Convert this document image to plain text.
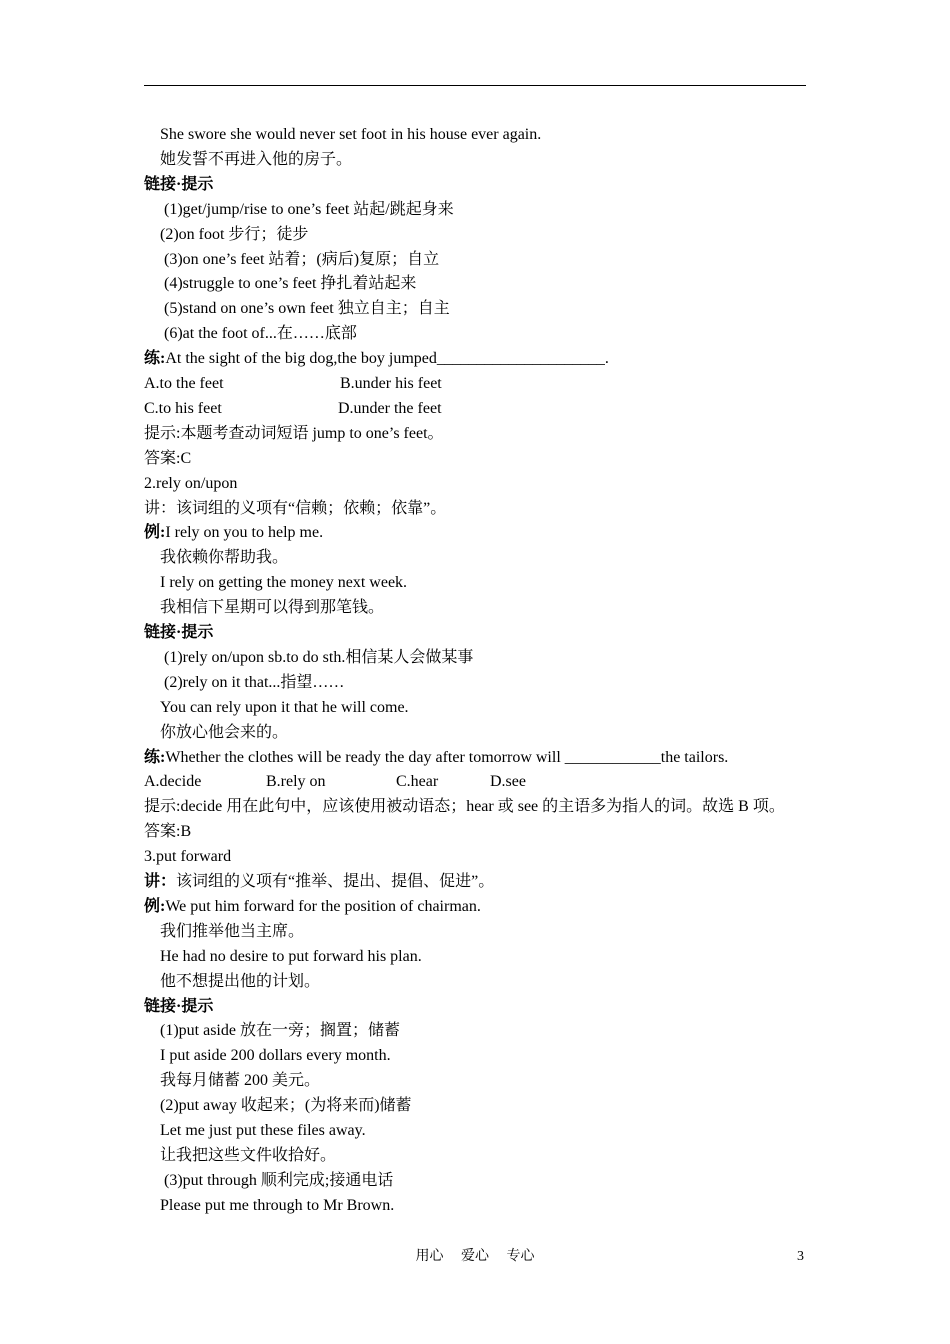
She swore she would never set foot in his house ever again.
她发誓不再进入他的房子。
链接·提示
(1)get/jump/rise to one’s feet 站起/跳起身来
(2)on foot 步行；徒步
(3)on one’s feet 站着；(病后)复原；自立
(4)struggle to one’s feet 挣扎着站起来
(5)stand on one’s own feet 独立自主；自主
(6)at the foot of...在……底部
练:At the sight of the big dog,the boy jumped_____________________.
A.to the feet	B.under his feet
C.to his feet	D.under the feet
提示:本题考查动词短语 jump to one’s feet。
答案:C
2.rely on/upon
讲：该词组的义项有“信赖；依赖；依靠”。
例:I rely on you to help me.
我依赖你帮助我。
I rely on getting the money next week.
我相信下星期可以得到那笔钱。
链接·提示
(1)rely on/upon sb.to do sth.相信某人会做某事
(2)rely on it that...指望……
You can rely upon it that he will come.
你放心他会来的。
练:Whether the clothes will be ready the day after tomorrow will ____________the tailors.
A.decide	B.rely on	C.hear	D.see
提示:decide 用在此句中，应该使用被动语态；hear 或 see 的主语多为指人的词。故选 B 项。
答案:B
3.put forward
讲：该词组的义项有“推举、提出、提倡、促进”。
例:We put him forward for the position of chairman.
我们推举他当主席。
He had no desire to put forward his plan.
他不想提出他的计划。
链接·提示
(1)put aside 放在一旁；搁置；储蓄
I put aside 200 dollars every month.
我每月储蓄 200 美元。
(2)put away 收起来；(为将来而)储蓄
Let me just put these files away.
让我把这些文件收拾好。
(3)put through 顺利完成;接通电话
Please put me through to Mr Brown.
用心 爱心 专心	3
